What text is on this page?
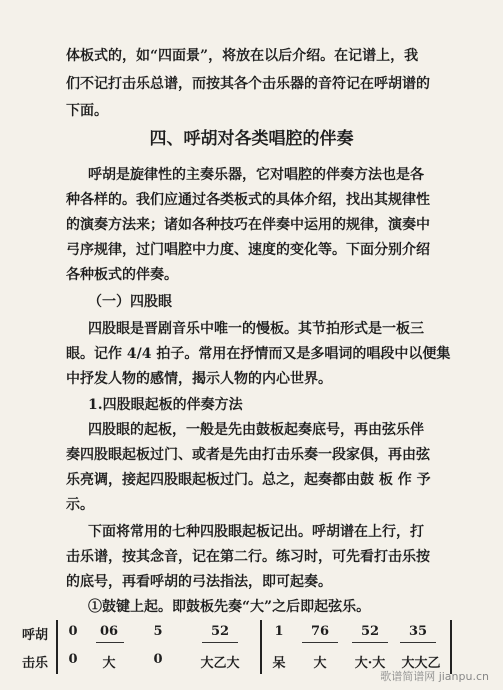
体板式的，如“四面景”，将放在以后介绍。在记谱上，我
们不记打击乐总谱，而按其各个击乐器的音符记在呼胡谱的
下面。
四、呼胡对各类唱腔的伴奏
呼胡是旋律性的主奏乐器，它对唱腔的伴奏方法也是各
种各样的。我们应通过各类板式的具体介绍，找出其规律性
的演奏方法来；诸如各种技巧在伴奏中运用的规律，演奏中
弓序规律，过门唱腔中力度、速度的变化等。下面分别介绍
各种板式的伴奏。
（一）四股眼
四股眼是晋剧音乐中唯一的慢板。其节拍形式是一板三
眼。记作 4/4 拍子。常用在抒情而又是多唱词的唱段中以便集
中抒发人物的感情，揭示人物的内心世界。
1.四股眼起板的伴奏方法
四股眼的起板，一般是先由鼓板起奏底号，再由弦乐伴
奏四股眼起板过门、或者是先由打击乐奏一段家俱，再由弦
乐亮调，接起四股眼起板过门。总之，起奏都由鼓 板 作 予
示。
下面将常用的七种四股眼起板记出。呼胡谱在上行，打
击乐谱，按其念音，记在第二行。练习时，可先看打击乐按
的底号，再看呼胡的弓法指法，即可起奏。
①鼓键上起。即鼓板先奏“大”之后即起弦乐。
呼胡
击乐
0	06	5	52	1	76	52	35
0	大	0	大乙大	呆	大	大·大	大大乙
歌谱简谱网 jianpu.cn
